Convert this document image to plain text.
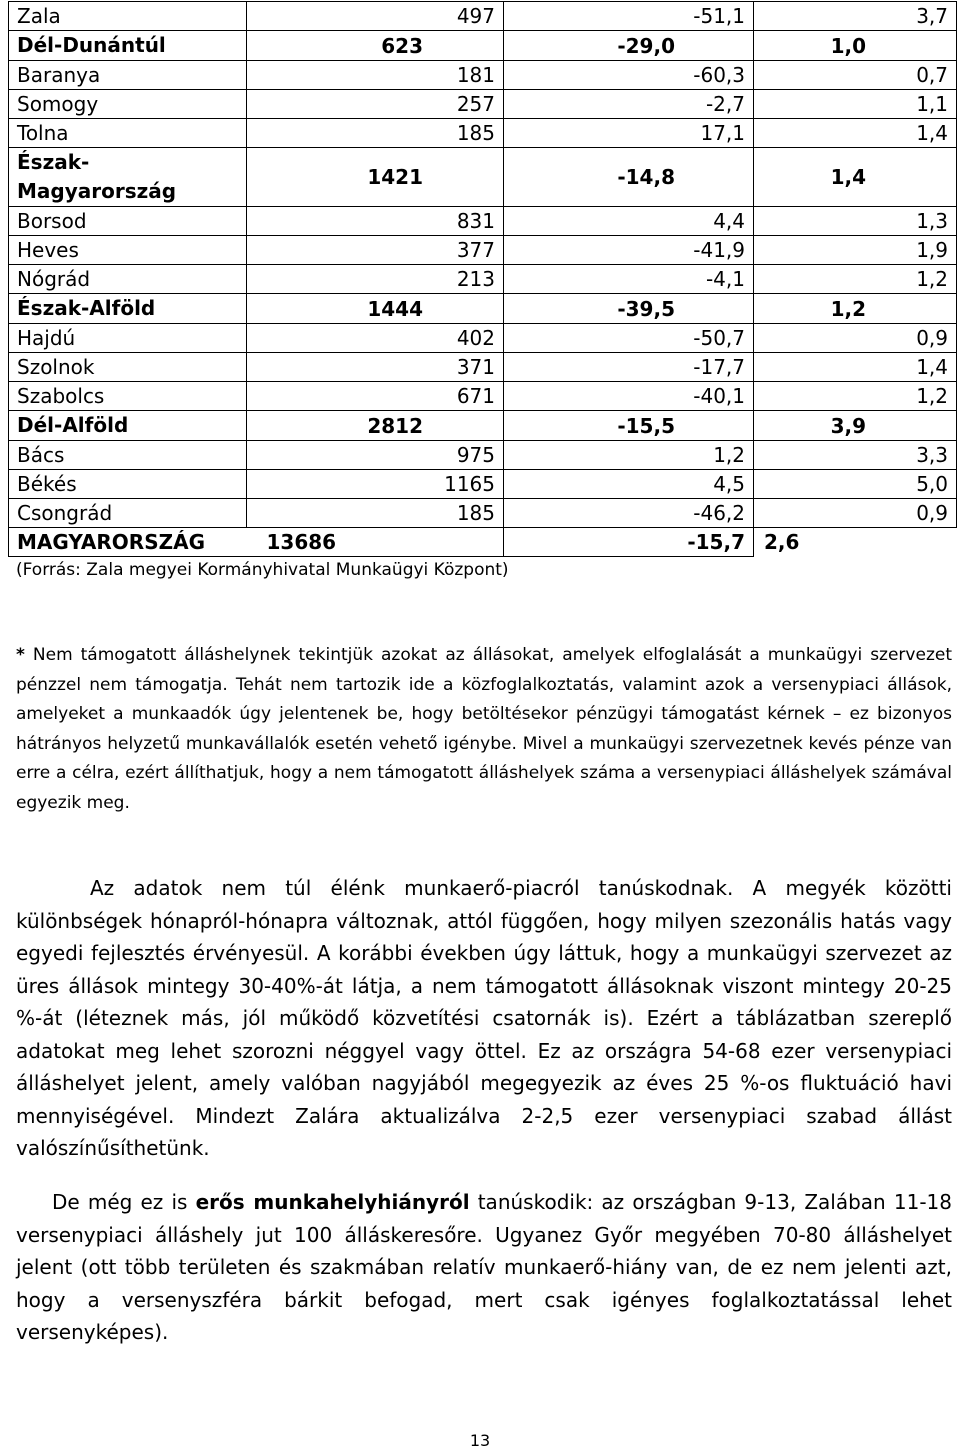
Zala	497	-51,1	3,7
Dél-Dunántúl	623	-29,0	1,0
Baranya	181	-60,3	0,7
Somogy	257	-2,7	1,1
Tolna	185	17,1	1,4
Észak-Magyarország	1421	-14,8	1,4
Borsod	831	4,4	1,3
Heves	377	-41,9	1,9
Nógrád	213	-4,1	1,2
Észak-Alföld	1444	-39,5	1,2
Hajdú	402	-50,7	0,9
Szolnok	371	-17,7	1,4
Szabolcs	671	-40,1	1,2
Dél-Alföld	2812	-15,5	3,9
Bács	975	1,2	3,3
Békés	1165	4,5	5,0
Csongrád	185	-46,2	0,9
MAGYARORSZÁG	13686	-15,7	2,6

(Forrás: Zala megyei Kormányhivatal Munkaügyi Központ)

* Nem támogatott álláshelynek tekintjük azokat az állásokat, amelyek elfoglalását a munkaügyi szervezet pénzzel nem támogatja. Tehát nem tartozik ide a közfoglalkoztatás, valamint azok a versenypiaci állások, amelyeket a munkaadók úgy jelentenek be, hogy betöltésekor pénzügyi támogatást kérnek – ez bizonyos hátrányos helyzetű munkavállalók esetén vehető igénybe. Mivel a munkaügyi szervezetnek kevés pénze van erre a célra, ezért állíthatjuk, hogy a nem támogatott álláshelyek száma a versenypiaci álláshelyek számával egyezik meg.

Az adatok nem túl élénk munkaerő-piacról tanúskodnak. A megyék közötti különbségek hónapról-hónapra változnak, attól függően, hogy milyen szezonális hatás vagy egyedi fejlesztés érvényesül. A korábbi években úgy láttuk, hogy a munkaügyi szervezet az üres állások mintegy 30-40%-át látja, a nem támogatott állásoknak viszont mintegy 20-25 %-át (léteznek más, jól működő közvetítési csatornák is). Ezért a táblázatban szereplő adatokat meg lehet szorozni néggyel vagy öttel. Ez az országra 54-68 ezer versenypiaci álláshelyet jelent, amely valóban nagyjából megegyezik az éves 25 %-os fluktuáció havi mennyiségével. Mindezt Zalára aktualizálva 2-2,5 ezer versenypiaci szabad állást valószínűsíthetünk.

De még ez is erős munkahelyhiányról tanúskodik: az országban 9-13, Zalában 11-18 versenypiaci álláshely jut 100 álláskeresőre. Ugyanez Győr megyében 70-80 álláshelyet jelent (ott több területen és szakmában relatív munkaerő-hiány van, de ez nem jelenti azt, hogy a versenyszféra bárkit befogad, mert csak igényes foglalkoztatással lehet versenyképes).

13
